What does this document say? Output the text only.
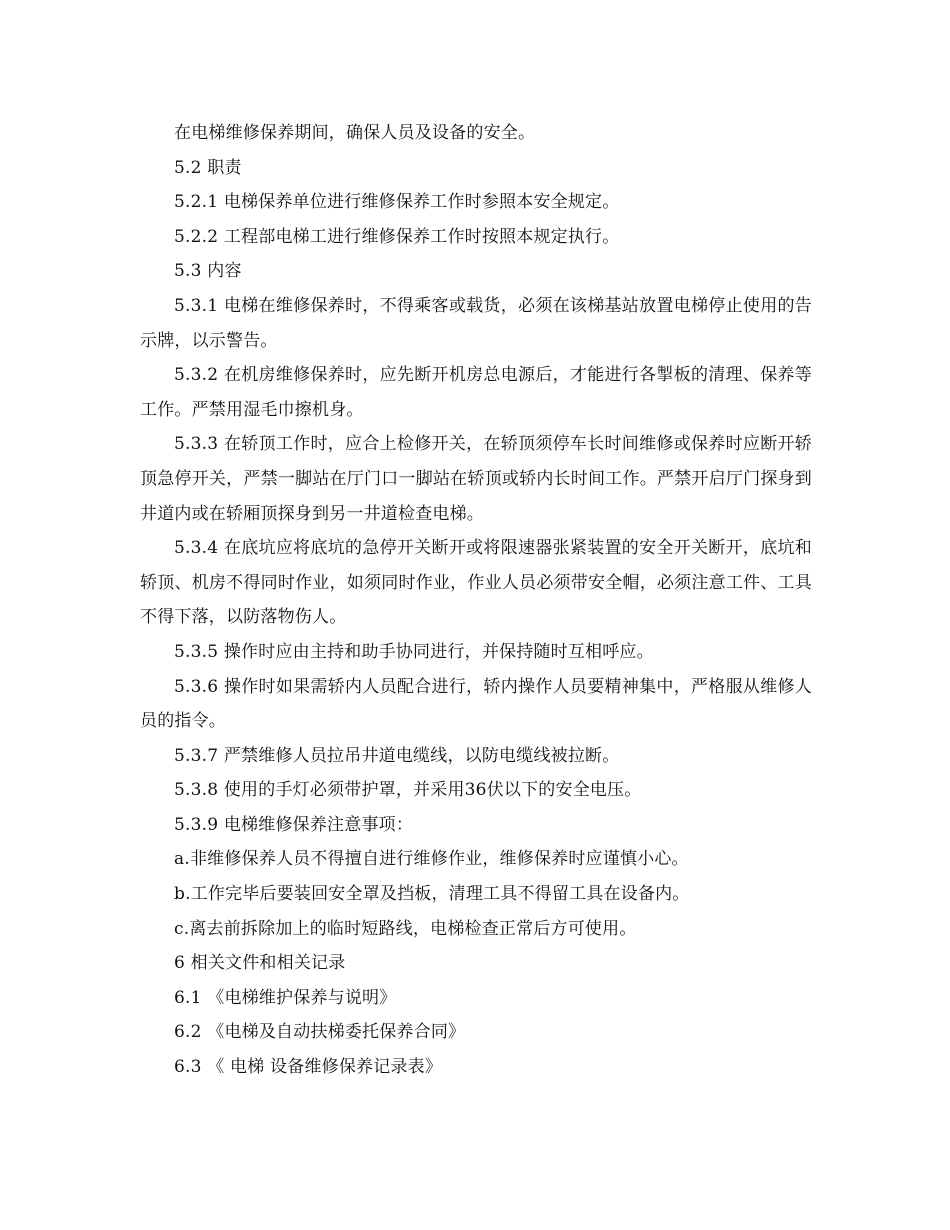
在电梯维修保养期间，确保人员及设备的安全。

5.2 职责

5.2.1 电梯保养单位进行维修保养工作时参照本安全规定。

5.2.2 工程部电梯工进行维修保养工作时按照本规定执行。

5.3 内容

5.3.1 电梯在维修保养时，不得乘客或载货，必须在该梯基站放置电梯停止使用的告示牌，以示警告。

5.3.2 在机房维修保养时，应先断开机房总电源后，才能进行各掣板的清理、保养等工作。严禁用湿毛巾擦机身。

5.3.3 在轿顶工作时，应合上检修开关，在轿顶须停车长时间维修或保养时应断开轿顶急停开关，严禁一脚站在厅门口一脚站在轿顶或轿内长时间工作。严禁开启厅门探身到井道内或在轿厢顶探身到另一井道检查电梯。

5.3.4 在底坑应将底坑的急停开关断开或将限速器张紧装置的安全开关断开，底坑和轿顶、机房不得同时作业，如须同时作业，作业人员必须带安全帽，必须注意工件、工具不得下落，以防落物伤人。

5.3.5 操作时应由主持和助手协同进行，并保持随时互相呼应。

5.3.6 操作时如果需轿内人员配合进行，轿内操作人员要精神集中，严格服从维修人员的指令。

5.3.7 严禁维修人员拉吊井道电缆线，以防电缆线被拉断。

5.3.8 使用的手灯必须带护罩，并采用36伏以下的安全电压。

5.3.9 电梯维修保养注意事项：

a.非维修保养人员不得擅自进行维修作业，维修保养时应谨慎小心。

b.工作完毕后要装回安全罩及挡板，清理工具不得留工具在设备内。

c.离去前拆除加上的临时短路线，电梯检查正常后方可使用。

6 相关文件和相关记录

6.1 《电梯维护保养与说明》

6.2 《电梯及自动扶梯委托保养合同》

6.3 《 电梯 设备维修保养记录表》
